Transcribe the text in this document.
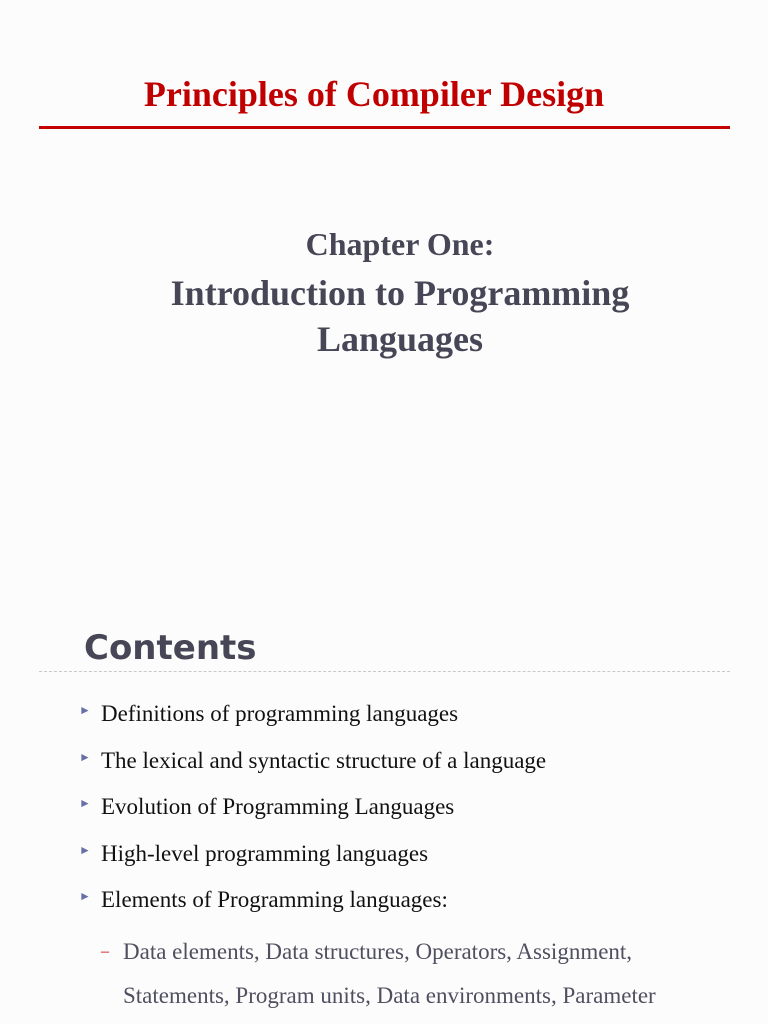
Principles of Compiler Design

Chapter One:

Introduction to Programming
Languages

Contents
► Definitions of programming languages
► The lexical and syntactic structure of a language
► Evolution of Programming Languages
► High-level programming languages
► Elements of Programming languages:
– Data elements, Data structures, Operators, Assignment, Statements, Program units, Data environments, Parameter
